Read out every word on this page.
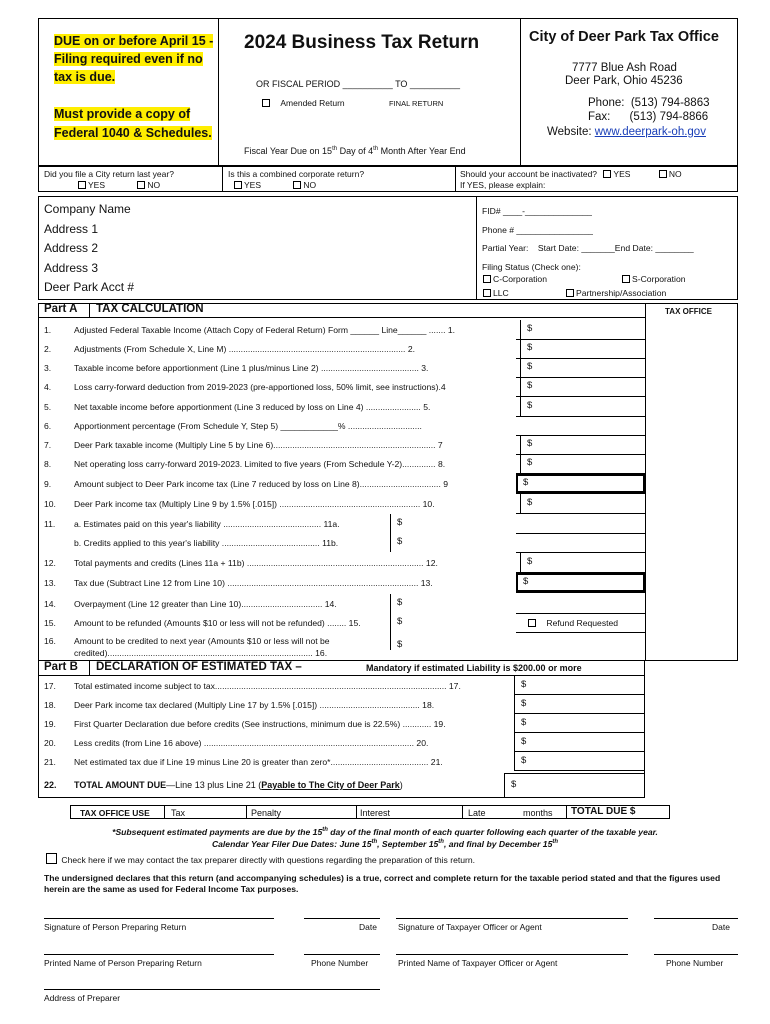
DUE on or before April 15 -
Filing required even if no
tax is due.
Must provide a copy of
Federal 1040 & Schedules.
2024 Business Tax Return
OR FISCAL PERIOD __________ TO __________
Amended Return	FINAL RETURN
Fiscal Year Due on 15th Day of 4th Month After Year End
City of Deer Park Tax Office
7777 Blue Ash Road
Deer Park, Ohio 45236
Phone:  (513) 794-8863
Fax:      (513) 794-8866
Website: www.deerpark-oh.gov
Did you file a City return last year?
YES	NO
Is this a combined corporate return?
YES	NO
Should your account be inactivated? YES	NO
If YES, please explain:
Company Name
Address 1
Address 2
Address 3
Deer Park Acct #
FID# ____-______________
Phone # ________________
Partial Year:    Start Date: _______End Date: ________
Filing Status (Check one):
C-Corporation	S-Corporation
LLC	Partnership/Association
Part A TAX CALCULATION	TAX OFFICE
1.	Adjusted Federal Taxable Income (Attach Copy of Federal Return) Form ______ Line______ ....... 1.	$
2.	Adjustments (From Schedule X, Line M) .......................................................................... 2.	$
3.	Taxable income before apportionment (Line 1 plus/minus Line 2) ......................................... 3.	$
4.	Loss carry-forward deduction from 2019-2023 (pre-apportioned loss, 50% limit, see instructions).4	$
5.	Net taxable income before apportionment (Line 3 reduced by loss on Line 4) ....................... 5.	$
6.	Apportionment percentage (From Schedule Y, Step 5) ____________% ...............................
7.	Deer Park taxable income (Multiply Line 5 by Line 6).................................................................... 7	$
8.	Net operating loss carry-forward 2019-2023. Limited to five years (From Schedule Y-2).............. 8.	$
9.	Amount subject to Deer Park income tax (Line 7 reduced by loss on Line 8).................................. 9	$
10. Deer Park income tax (Multiply Line 9 by 1.5% [.015]) ........................................................... 10.	$
11. a. Estimates paid on this year's liability ......................................... 11a.	$
b. Credits applied to this year's liability ......................................... 11b.	$
12. Total payments and credits (Lines 11a + 11b) .......................................................................... 12.	$
13. Tax due (Subtract Line 12 from Line 10) ................................................................................ 13.	$
14. Overpayment (Line 12 greater than Line 10).................................. 14.	$
15. Amount to be refunded (Amounts $10 or less will not be refunded) ........ 15.	$
16. Amount to be credited to next year (Amounts $10 or less will not be	$
credited)...................................................................................... 16.
Refund Requested
Part B DECLARATION OF ESTIMATED TAX –	Mandatory if estimated Liability is $200.00 or more
17. Total estimated income subject to tax................................................................................................. 17.	$
18. Deer Park income tax declared (Multiply Line 17 by 1.5% [.015]) .......................................... 18.	$
19. First Quarter Declaration due before credits (See instructions, minimum due is 22.5%) ............ 19.	$
20. Less credits (from Line 16 above) ........................................................................................ 20.	$
21. Net estimated tax due if Line 19 minus Line 20 is greater than zero*......................................... 21.	$
22. TOTAL AMOUNT DUE—Line 13 plus Line 21 (Payable to The City of Deer Park)	$
TAX OFFICE USE Tax	Penalty	Interest	Late	months TOTAL DUE $
*Subsequent estimated payments are due by the 15th day of the final month of each quarter following each quarter of the taxable year.
Calendar Year Filer Due Dates: June 15th, September 15th, and final by December 15th
Check here if we may contact the tax preparer directly with questions regarding the preparation of this return.
The undersigned declares that this return (and accompanying schedules) is a true, correct and complete return for the taxable period stated and that the figures used herein are the same as used for Federal Income Tax purposes.
Signature of Person Preparing Return	Date Signature of Taxpayer Officer or Agent	Date
Printed Name of Person Preparing Return	Phone Number	Printed Name of Taxpayer Officer or Agent	Phone Number
Address of Preparer
